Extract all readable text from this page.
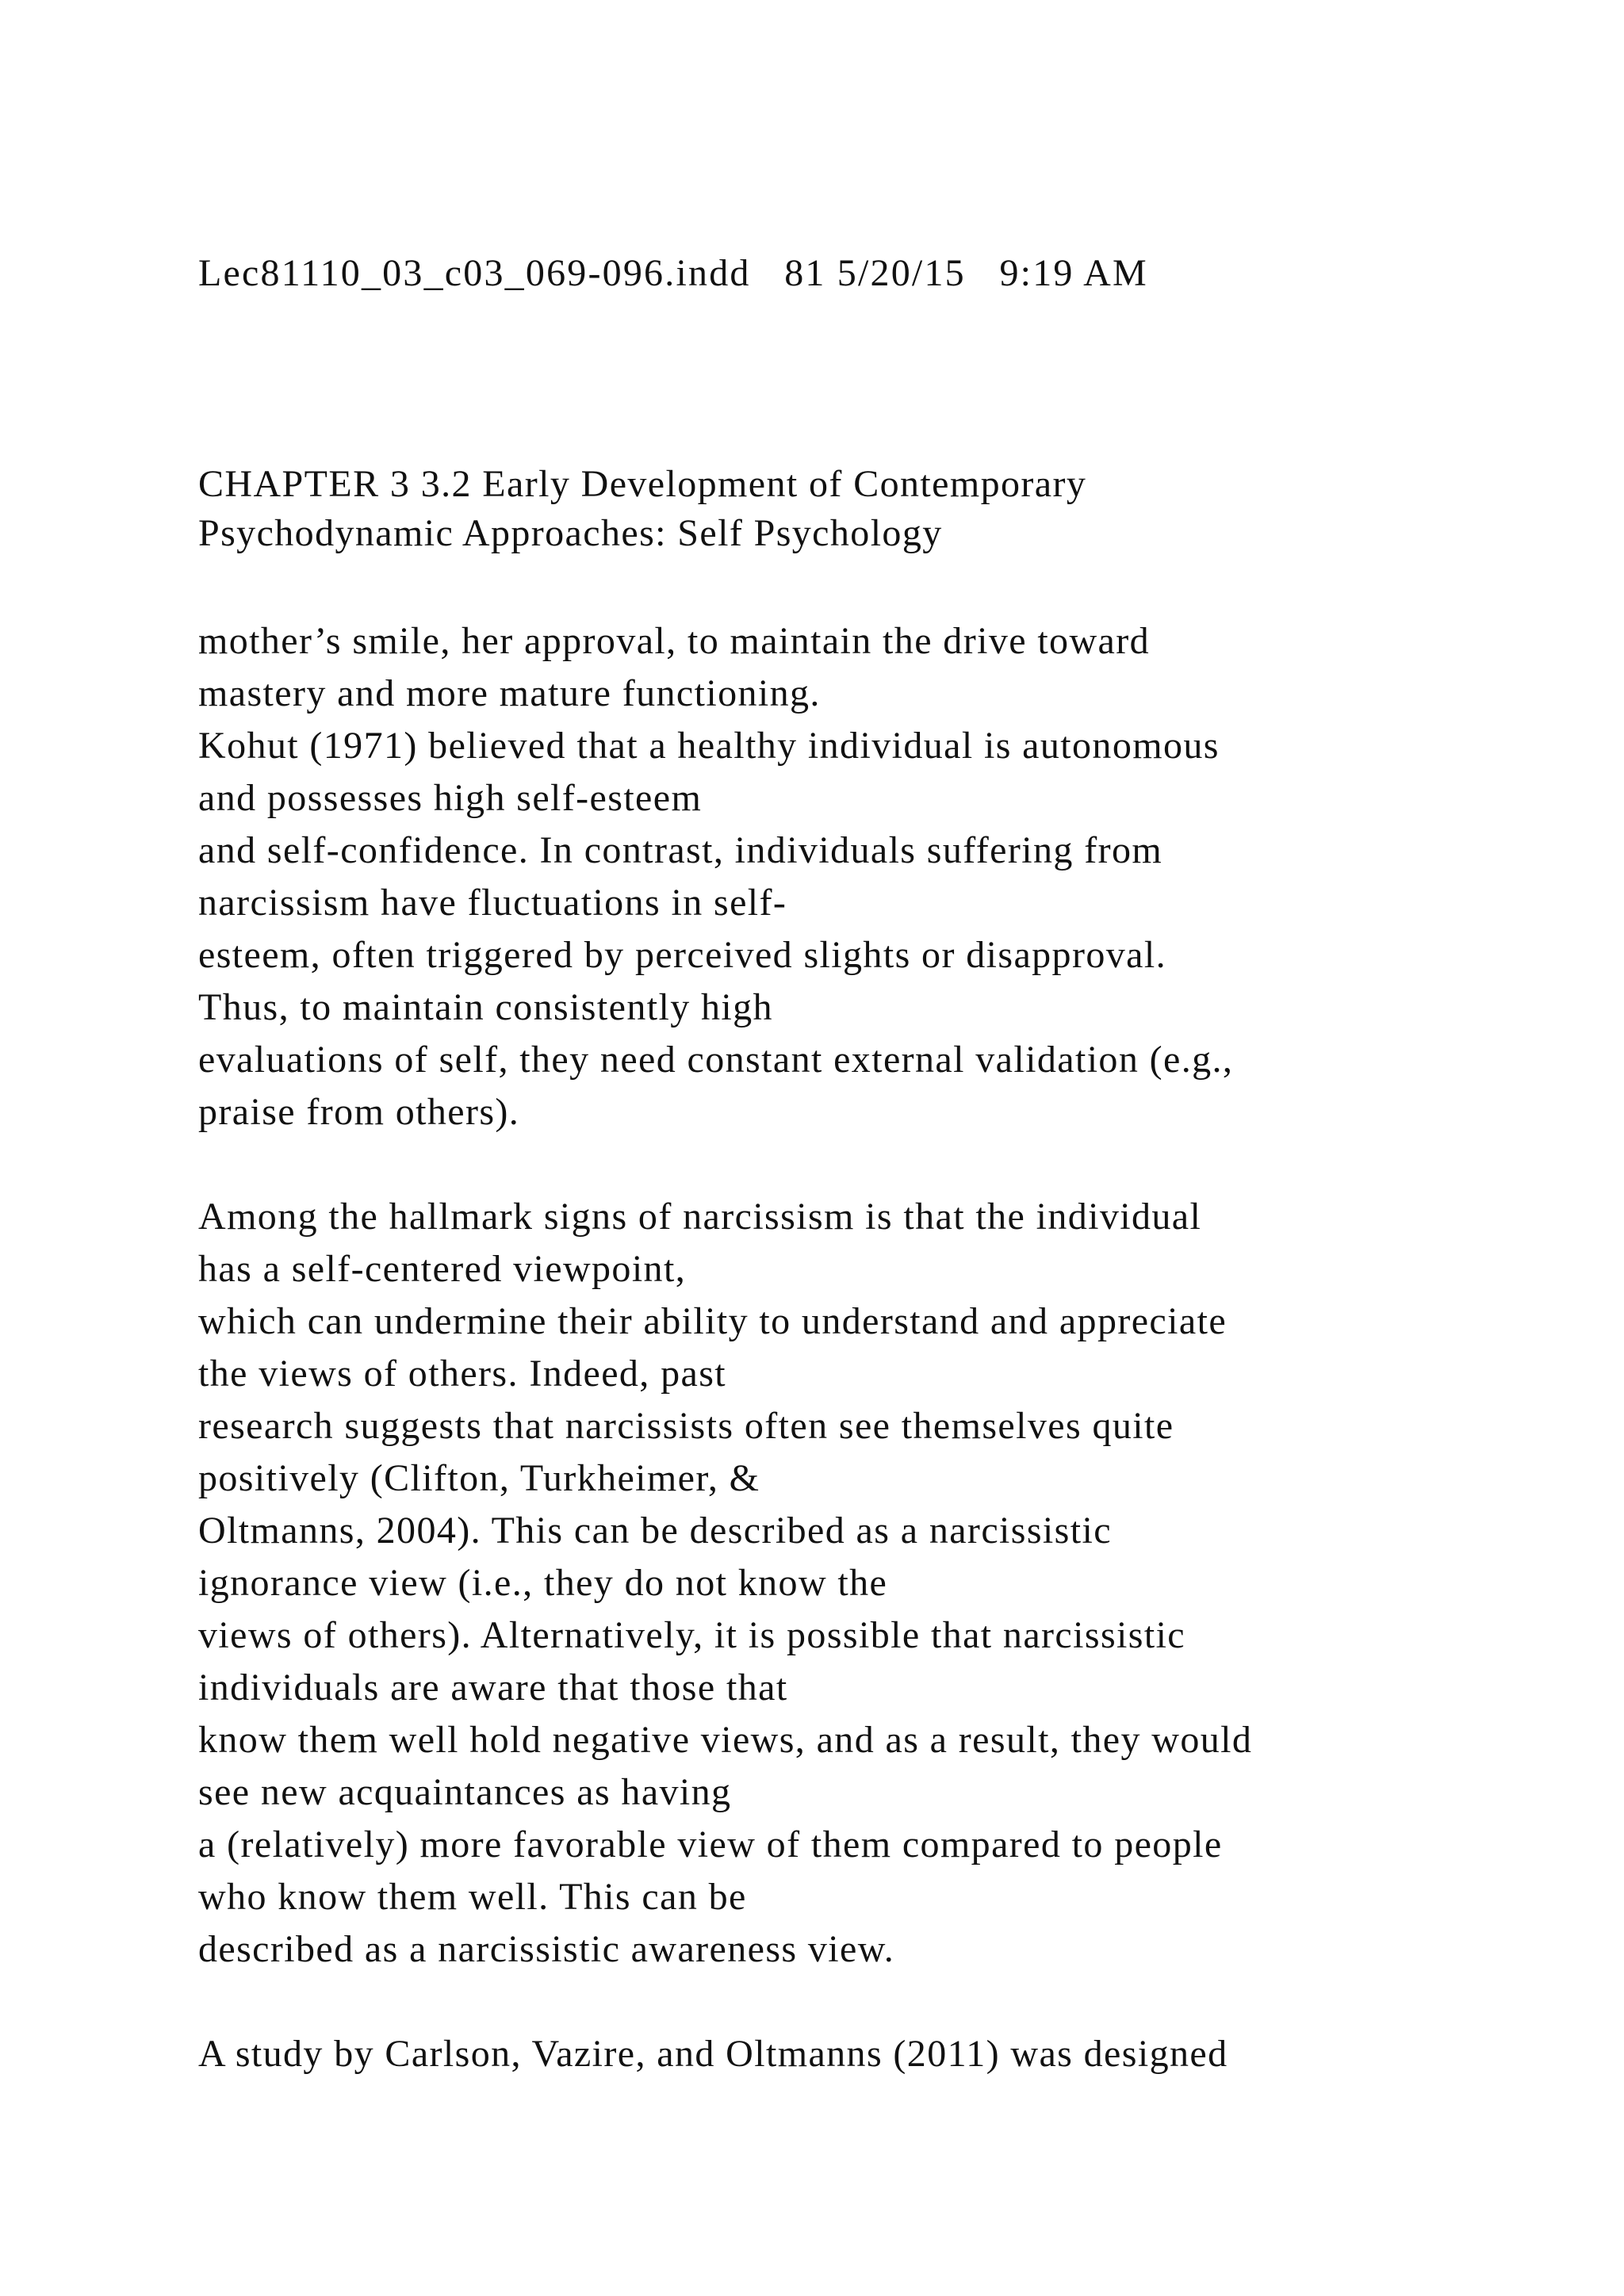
Lec81110_03_c03_069-096.indd   81 5/20/15   9:19 AM
CHAPTER 3 3.2 Early Development of Contemporary
Psychodynamic Approaches: Self Psychology
mother’s smile, her approval, to maintain the drive toward
mastery and more mature functioning.
Kohut (1971) believed that a healthy individual is autonomous
and possesses high self-esteem
and self-confidence. In contrast, individuals suffering from
narcissism have fluctuations in self-
esteem, often triggered by perceived slights or disapproval.
Thus, to maintain consistently high
evaluations of self, they need constant external validation (e.g.,
praise from others).
Among the hallmark signs of narcissism is that the individual
has a self-centered viewpoint,
which can undermine their ability to understand and appreciate
the views of others. Indeed, past
research suggests that narcissists often see themselves quite
positively (Clifton, Turkheimer, &
Oltmanns, 2004). This can be described as a narcissistic
ignorance view (i.e., they do not know the
views of others). Alternatively, it is possible that narcissistic
individuals are aware that those that
know them well hold negative views, and as a result, they would
see new acquaintances as having
a (relatively) more favorable view of them compared to people
who know them well. This can be
described as a narcissistic awareness view.
A study by Carlson, Vazire, and Oltmanns (2011) was designed
